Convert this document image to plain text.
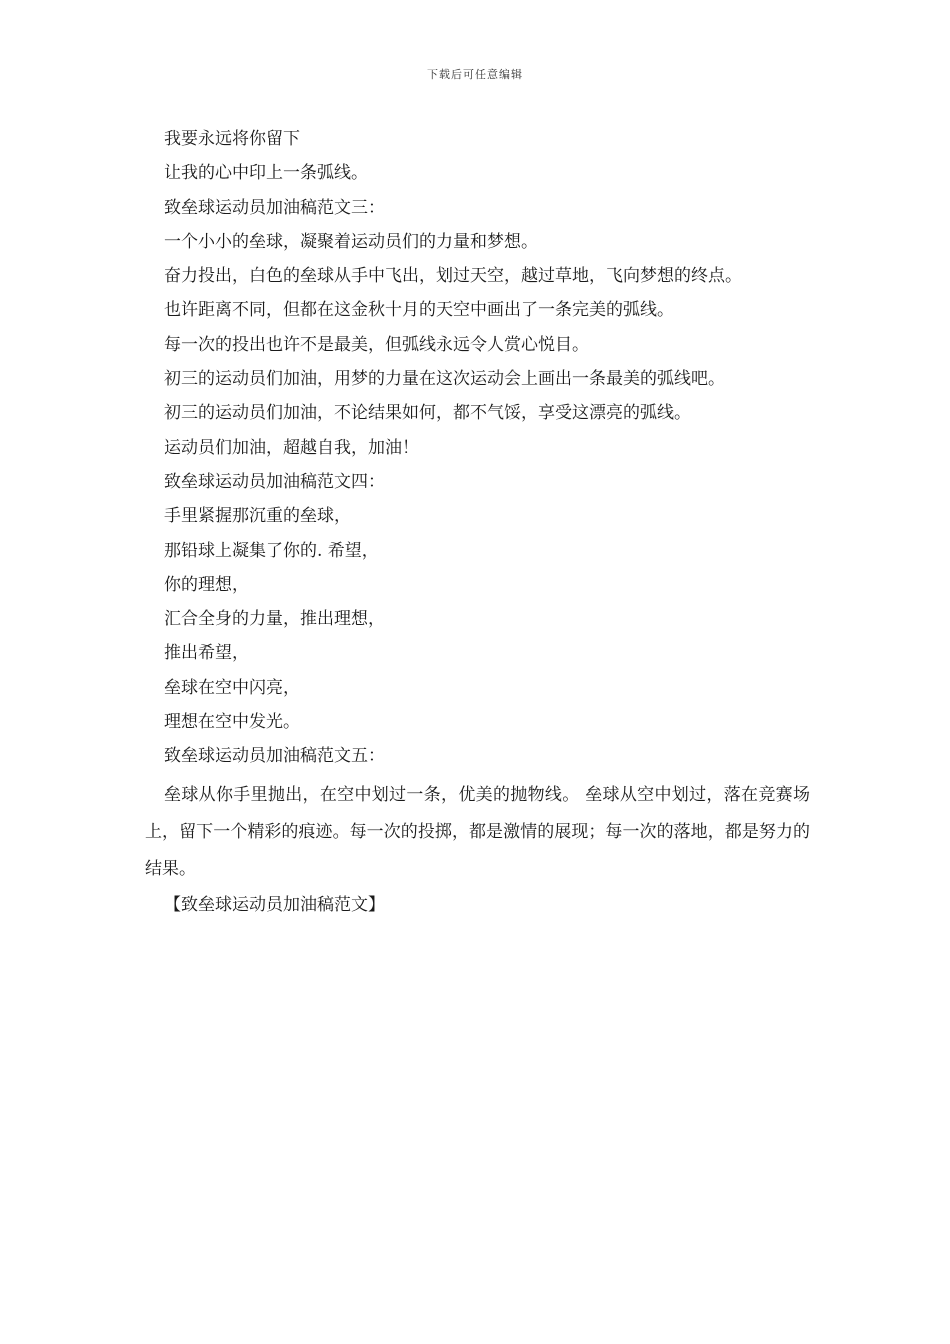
下载后可任意编辑
我要永远将你留下
让我的心中印上一条弧线。
致垒球运动员加油稿范文三：
一个小小的垒球，凝聚着运动员们的力量和梦想。
奋力投出，白色的垒球从手中飞出，划过天空，越过草地，飞向梦想的终点。
也许距离不同，但都在这金秋十月的天空中画出了一条完美的弧线。
每一次的投出也许不是最美，但弧线永远令人赏心悦目。
初三的运动员们加油，用梦的力量在这次运动会上画出一条最美的弧线吧。
初三的运动员们加油，不论结果如何，都不气馁，享受这漂亮的弧线。
运动员们加油，超越自我，加油！
致垒球运动员加油稿范文四：
手里紧握那沉重的垒球，
那铅球上凝集了你的. 希望，
你的理想，
汇合全身的力量，推出理想，
推出希望，
垒球在空中闪亮，
理想在空中发光。
致垒球运动员加油稿范文五：

垒球从你手里抛出，在空中划过一条，优美的抛物线。 垒球从空中划过，落在竞赛场上，留下一个精彩的痕迹。每一次的投掷，都是激情的展现；每一次的落地，都是努力的结果。

【致垒球运动员加油稿范文】
